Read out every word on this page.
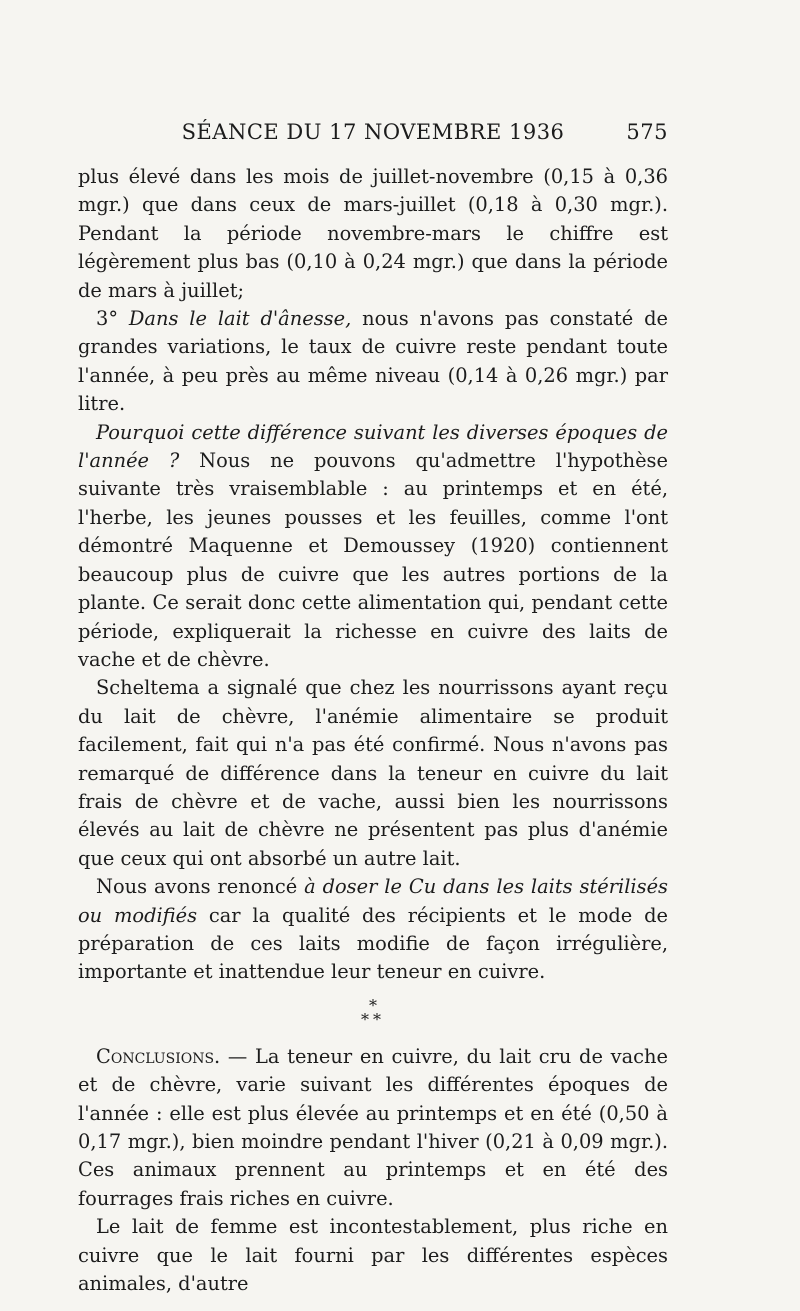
SÉANCE DU 17 NOVEMBRE 1936	575

plus élevé dans les mois de juillet-novembre (0,15 à 0,36 mgr.) que dans ceux de mars-juillet (0,18 à 0,30 mgr.). Pendant la période novembre-mars le chiffre est légèrement plus bas (0,10 à 0,24 mgr.) que dans la période de mars à juillet;

3° Dans le lait d'ânesse, nous n'avons pas constaté de grandes variations, le taux de cuivre reste pendant toute l'année, à peu près au même niveau (0,14 à 0,26 mgr.) par litre.

Pourquoi cette différence suivant les diverses époques de l'année ? Nous ne pouvons qu'admettre l'hypothèse suivante très vraisemblable : au printemps et en été, l'herbe, les jeunes pousses et les feuilles, comme l'ont démontré Maquenne et Demoussey (1920) contiennent beaucoup plus de cuivre que les autres portions de la plante. Ce serait donc cette alimentation qui, pendant cette période, expliquerait la richesse en cuivre des laits de vache et de chèvre.

Scheltema a signalé que chez les nourrissons ayant reçu du lait de chèvre, l'anémie alimentaire se produit facilement, fait qui n'a pas été confirmé. Nous n'avons pas remarqué de différence dans la teneur en cuivre du lait frais de chèvre et de vache, aussi bien les nourrissons élevés au lait de chèvre ne présentent pas plus d'anémie que ceux qui ont absorbé un autre lait.

Nous avons renoncé à doser le Cu dans les laits stérilisés ou modifiés car la qualité des récipients et le mode de préparation de ces laits modifie de façon irrégulière, importante et inattendue leur teneur en cuivre.

*
**

Conclusions. — La teneur en cuivre, du lait cru de vache et de chèvre, varie suivant les différentes époques de l'année : elle est plus élevée au printemps et en été (0,50 à 0,17 mgr.), bien moindre pendant l'hiver (0,21 à 0,09 mgr.). Ces animaux prennent au printemps et en été des fourrages frais riches en cuivre.

Le lait de femme est incontestablement, plus riche en cuivre que le lait fourni par les différentes espèces animales, d'autre
